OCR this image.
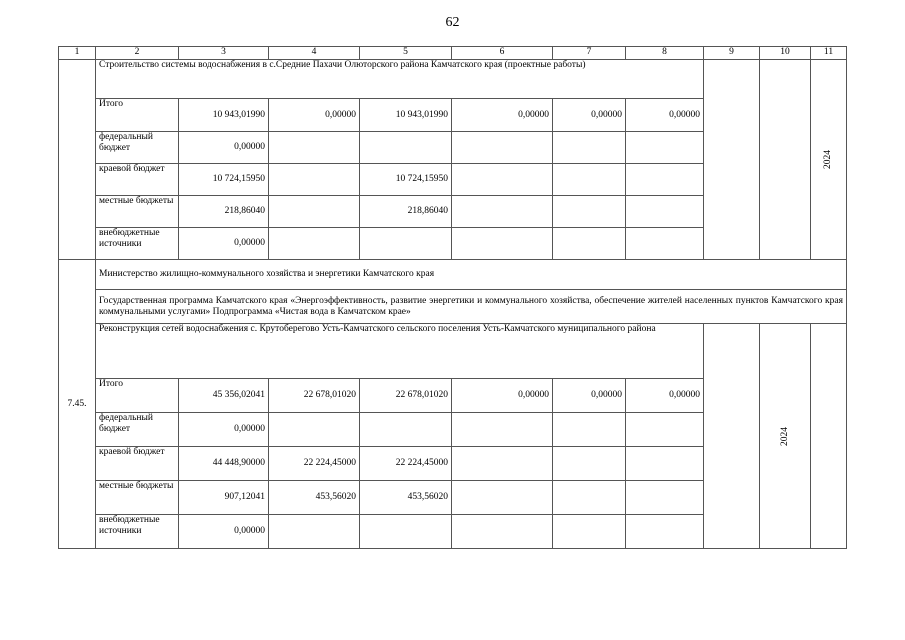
62
1	2	3	4	5	6	7	8	9	10	11
	Строительство системы водоснабжения в с.Средние Пахачи Олюторского района Камчатского края (проектные работы)									2024
	Итого	10 943,01990	0,00000	10 943,01990	0,00000	0,00000	0,00000			
	федеральный бюджет	0,00000								
	краевой бюджет	10 724,15950		10 724,15950						
	местные бюджеты	218,86040		218,86040						
	внебюджетные источники	0,00000								
7.45.	Министерство жилищно-коммунального хозяйства и энергетики Камчатского края									
	Государственная программа Камчатского края «Энергоэффективность, развитие энергетики и коммунального хозяйства, обеспечение жителей населенных пунктов Камчатского края коммунальными услугами» Подпрограмма «Чистая вода в Камчатском крае»									
	Реконструкция сетей водоснабжения с. Крутоберегово Усть-Камчатского сельского поселения Усть-Камчатского муниципального района								2024	
	Итого	45 356,02041	22 678,01020	22 678,01020	0,00000	0,00000	0,00000			
	федеральный бюджет	0,00000								
	краевой бюджет	44 448,90000	22 224,45000	22 224,45000						
	местные бюджеты	907,12041	453,56020	453,56020						
	внебюджетные источники	0,00000								
